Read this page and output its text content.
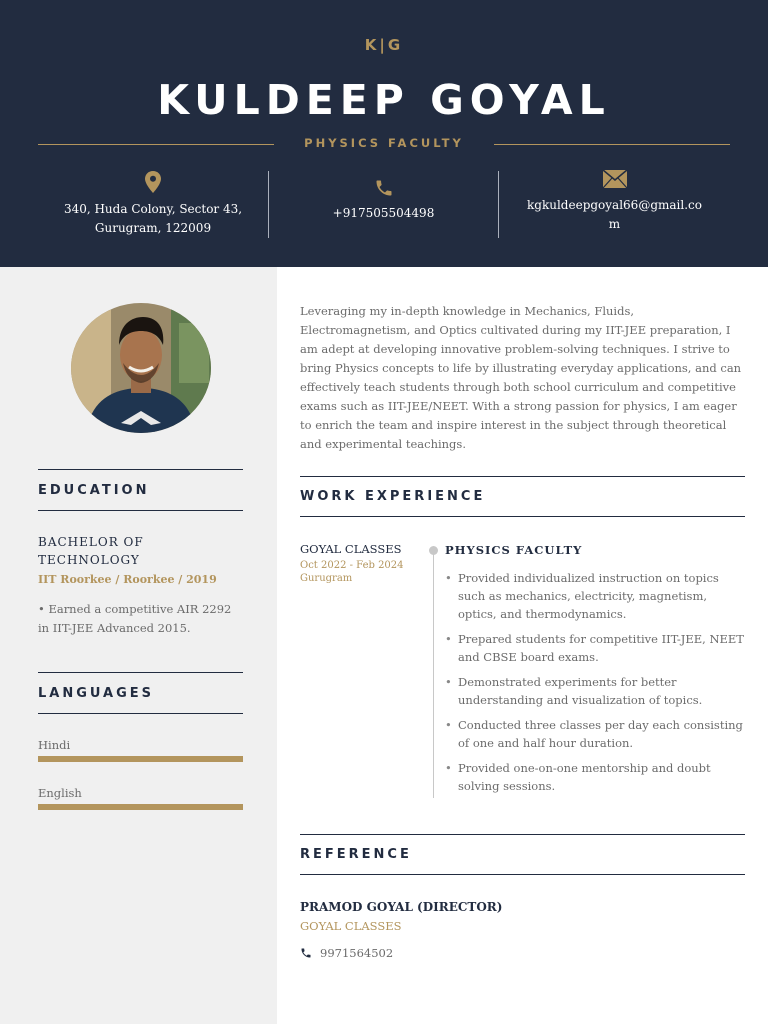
K|G
KULDEEP GOYAL
PHYSICS FACULTY
340, Huda Colony, Sector 43,
Gurugram, 122009
+917505504498
kgkuldeepgoyal66@gmail.co
m
EDUCATION
BACHELOR OF
TECHNOLOGY
IIT Roorkee / Roorkee / 2019
• Earned a competitive AIR 2292 in IIT-JEE Advanced 2015.
LANGUAGES
Hindi
English
Leveraging my in-depth knowledge in Mechanics, Fluids, Electromagnetism, and Optics cultivated during my IIT-JEE preparation, I am adept at developing innovative problem-solving techniques. I strive to bring Physics concepts to life by illustrating everyday applications, and can effectively teach students through both school curriculum and competitive exams such as IIT-JEE/NEET. With a strong passion for physics, I am eager to enrich the team and inspire interest in the subject through theoretical and experimental teachings.
WORK EXPERIENCE
GOYAL CLASSES
Oct 2022 - Feb 2024
Gurugram
PHYSICS FACULTY
• Provided individualized instruction on topics such as mechanics, electricity, magnetism, optics, and thermodynamics.
• Prepared students for competitive IIT-JEE, NEET and CBSE board exams.
• Demonstrated experiments for better understanding and visualization of topics.
• Conducted three classes per day each consisting of one and half hour duration.
• Provided one-on-one mentorship and doubt solving sessions.
REFERENCE
PRAMOD GOYAL (DIRECTOR)
GOYAL CLASSES
9971564502
